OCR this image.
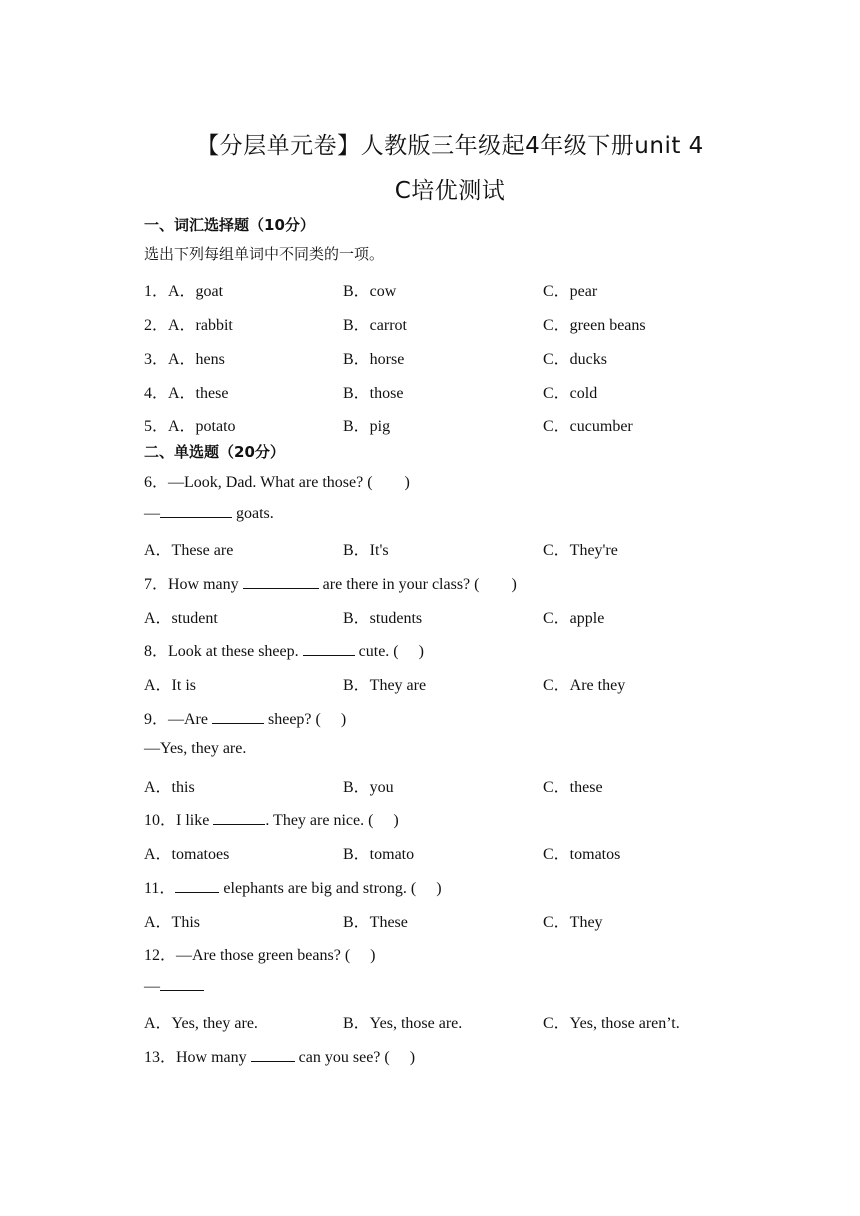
【分层单元卷】人教版三年级起4年级下册unit 4
C培优测试
一、词汇选择题（10分）
选出下列每组单词中不同类的一项。
1．A．goat	B．cow	C．pear
2．A．rabbit	B．carrot	C．green beans
3．A．hens	B．horse	C．ducks
4．A．these	B．those	C．cold
5．A．potato	B．pig	C．cucumber
二、单选题（20分）
6．—Look, Dad. What are those? (　　)
—	goats.
A．These are	B．It's	C．They're
7．How many	are there in your class? (　　)
A．student	B．students	C．apple
8．Look at these sheep.	cute. (　 )
A．It is	B．They are	C．Are they
9．—Are	sheep? (　 )
—Yes, they are.
A．this	B．you	C．these
10．I like	. They are nice. (　 )
A．tomatoes	B．tomato	C．tomatos
11．	elephants are big and strong. (　 )
A．This	B．These	C．They
12．—Are those green beans? (　 )
—
A．Yes, they are.	B．Yes, those are.	C．Yes, those aren’t.
13．How many	can you see? (　 )
